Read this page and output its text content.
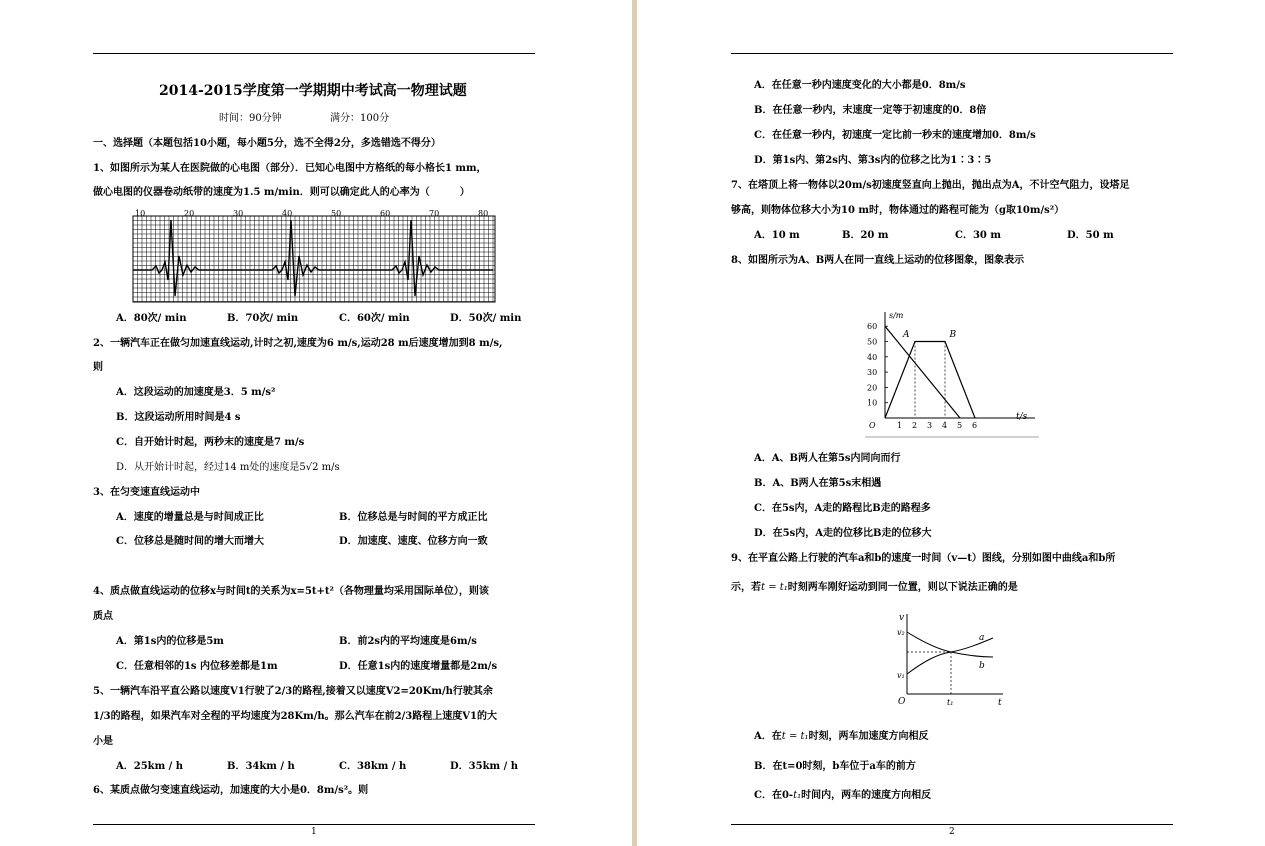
2014-2015学度第一学期期中考试高一物理试题
时间：90分钟	满分：100分
一、选择题（本题包括10小题，每小题5分，选不全得2分，多选错选不得分）
1、如图所示为某人在医院做的心电图（部分）．已知心电图中方格纸的每小格长1 mm，
做心电图的仪器卷动纸带的速度为1.5 m/min．则可以确定此人的心率为（　　　）
10	20	30	40	50	60	70	80
A．80次/ min	B．70次/ min	C．60次/ min	D．50次/ min
2、一辆汽车正在做匀加速直线运动,计时之初,速度为6 m/s,运动28 m后速度增加到8 m/s,
则
A．这段运动的加速度是3．5 m/s²
B．这段运动所用时间是4 s
C．自开始计时起，两秒末的速度是7 m/s
D．从开始计时起，经过14 m处的速度是5√2 m/s
3、在匀变速直线运动中
A．速度的增量总是与时间成正比	B．位移总是与时间的平方成正比
C．位移总是随时间的增大而增大	D．加速度、速度、位移方向一致
4、质点做直线运动的位移x与时间t的关系为x=5t+t²（各物理量均采用国际单位），则该
质点
A．第1s内的位移是5m	B．前2s内的平均速度是6m/s
C．任意相邻的1s 内位移差都是1m	D．任意1s内的速度增量都是2m/s
5、一辆汽车沿平直公路以速度V1行驶了2/3的路程,接着又以速度V2=20Km/h行驶其余
1/3的路程，如果汽车对全程的平均速度为28Km/h。那么汽车在前2/3路程上速度V1的大
小是
A．25km / h	B．34km / h	C．38km / h	D．35km / h
6、某质点做匀变速直线运动，加速度的大小是0．8m/s²。则
1
A．在任意一秒内速度变化的大小都是0．8m/s
B．在任意一秒内，末速度一定等于初速度的0．8倍
C．在任意一秒内，初速度一定比前一秒末的速度增加0．8m/s
D．第1s内、第2s内、第3s内的位移之比为1∶3∶5
7、在塔顶上将一物体以20m/s初速度竖直向上抛出，抛出点为A，不计空气阻力，设塔足
够高，则物体位移大小为10 m时，物体通过的路程可能为（g取10m/s²）
A．10 m	B．20 m	C．30 m	D．50 m
8、如图所示为A、B两人在同一直线上运动的位移图象，图象表示
s/m
t/s
60
50
40
30
20
10
O	1 2 3 4 5 6
A	B
A．A、B两人在第5s内同向而行
B．A、B两人在第5s末相遇
C．在5s内，A走的路程比B走的路程多
D．在5s内，A走的位移比B走的位移大
9、在平直公路上行驶的汽车a和b的速度一时间（v—t）图线，分别如图中曲线a和b所
示，若t = t₁时刻两车刚好运动到同一位置，则以下说法正确的是
v
t
v₂
v₁
O	t₁
a
b
A．在t = t₁时刻，两车加速度方向相反
B．在t=0时刻，b车位于a车的前方
C．在0-t₁时间内，两车的速度方向相反
2
